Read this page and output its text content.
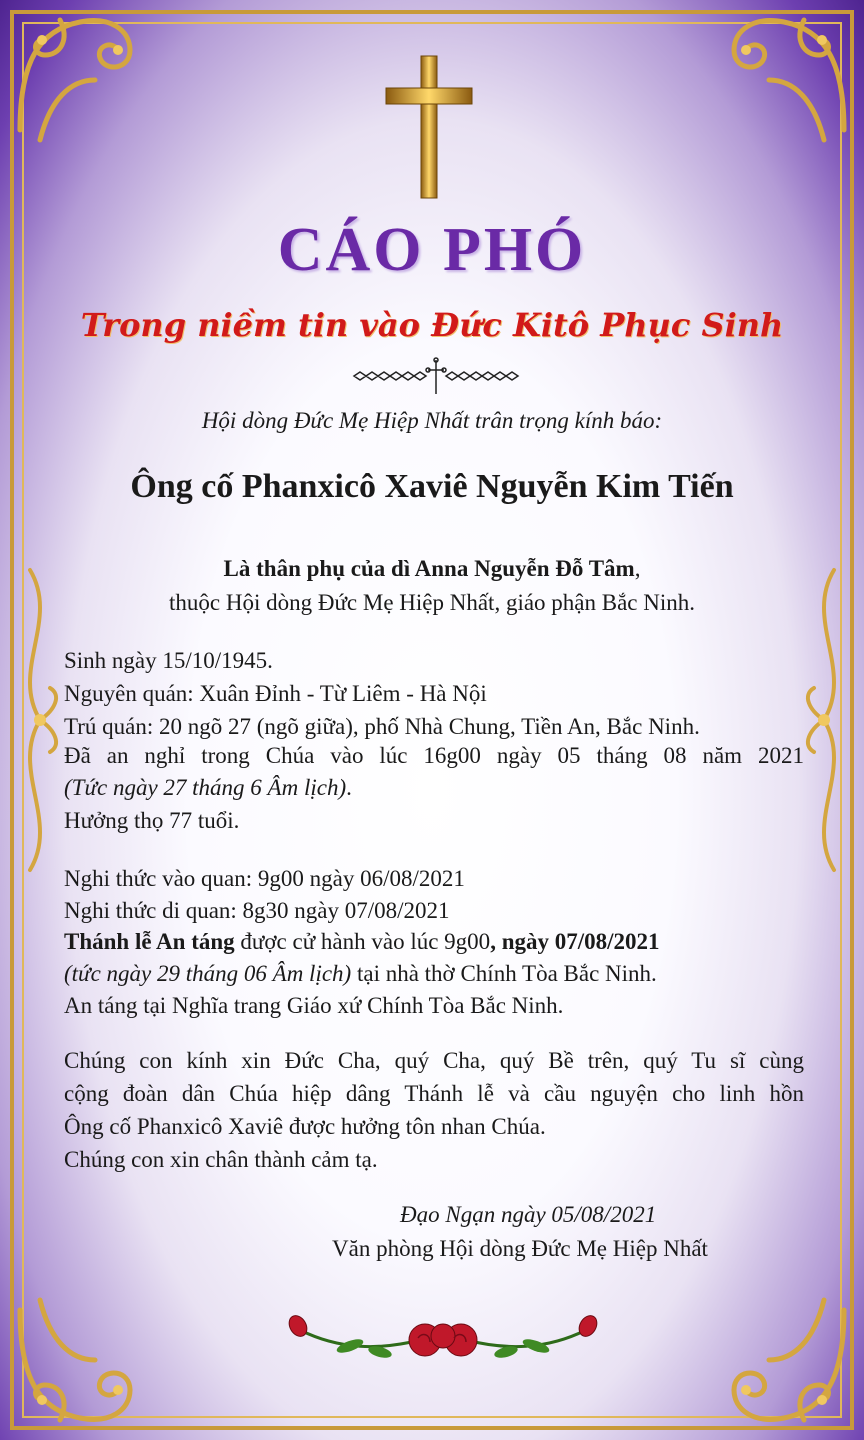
CÁO PHÓ
Trong niềm tin vào Đức Kitô Phục Sinh
Hội dòng Đức Mẹ Hiệp Nhất trân trọng kính báo:
Ông cố Phanxicô Xaviê Nguyễn Kim Tiến
Là thân phụ của dì Anna Nguyễn Đỗ Tâm,
thuộc Hội dòng Đức Mẹ Hiệp Nhất, giáo phận Bắc Ninh.
Sinh ngày 15/10/1945.
Nguyên quán: Xuân Đỉnh - Từ Liêm - Hà Nội
Trú quán: 20 ngõ 27 (ngõ giữa), phố Nhà Chung, Tiền An, Bắc Ninh.
Đã an nghỉ trong Chúa vào lúc 16g00 ngày 05 tháng 08 năm 2021
(Tức ngày 27 tháng 6 Âm lịch).
Hưởng thọ 77 tuổi.
Nghi thức vào quan: 9g00 ngày 06/08/2021
Nghi thức di quan: 8g30 ngày 07/08/2021
Thánh lễ An táng được cử hành vào lúc 9g00, ngày 07/08/2021
(tức ngày 29 tháng 06 Âm lịch) tại nhà thờ Chính Tòa Bắc Ninh.
An táng tại Nghĩa trang Giáo xứ Chính Tòa Bắc Ninh.
Chúng con kính xin Đức Cha, quý Cha, quý Bề trên, quý Tu sĩ cùng
cộng đoàn dân Chúa hiệp dâng Thánh lễ và cầu nguyện cho linh hồn
Ông cố Phanxicô Xaviê được hưởng tôn nhan Chúa.
Chúng con xin chân thành cảm tạ.
Đạo Ngạn ngày 05/08/2021
Văn phòng Hội dòng Đức Mẹ Hiệp Nhất
